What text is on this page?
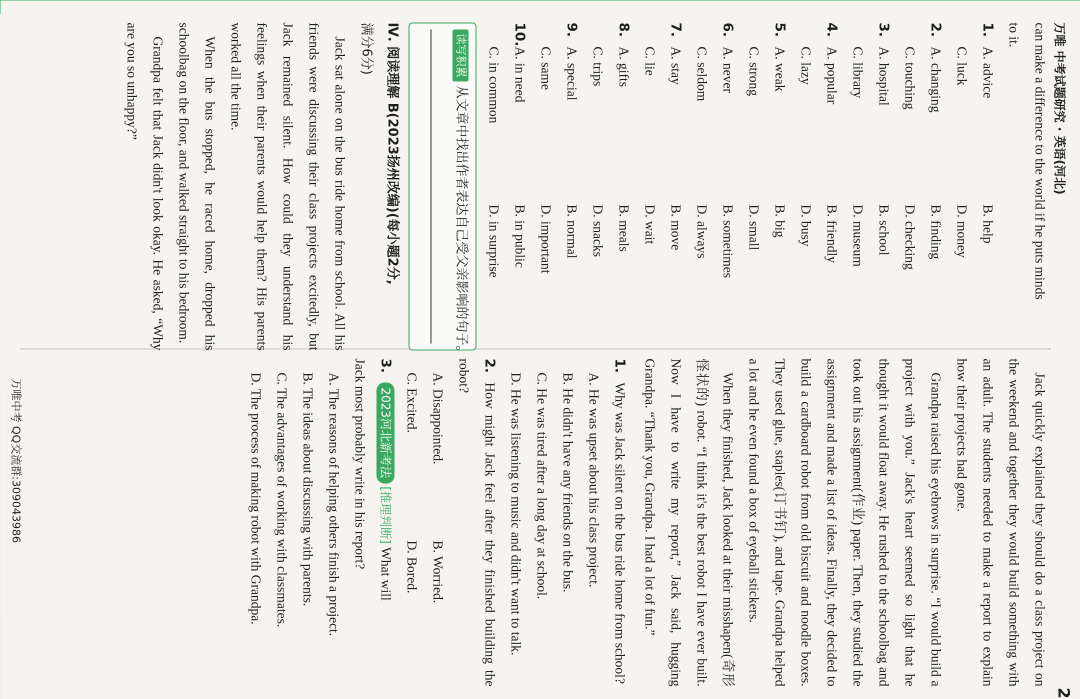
万唯 中考试题研究 · 英语(河北)
2
can make a difference to the world if he puts minds
to it.
1.
A. advice
B. help
C. luck
D. money
2.
A. changing
B. finding
C. touching
D. checking
3.
A. hospital
B. school
C. library
D. museum
4.
A. popular
B. friendly
C. lazy
D. busy
5.
A. weak
B. big
C. strong
D. small
6.
A. never
B. sometimes
C. seldom
D. always
7.
A. stay
B. move
C. lie
D. wait
8.
A. gifts
B. meals
C. trips
D. snacks
9.
A. special
B. normal
C. same
D. important
10.
A. in need
B. in public
C. in common
D. in surprise
读写积累从文章中找出作者表达自己受父亲影响的句子。
Ⅳ. 阅读理解 B(2023扬州改编)(每小题2分,
满分6分)
Jack sat alone on the bus ride home from school. All his friends were discussing their class projects excitedly, but Jack remained silent. How could they understand his feelings when their parents would help them? His parents worked all the time.
When the bus stopped, he raced home, dropped his schoolbag on the floor, and walked straight to his bedroom.
Grandpa felt that Jack didn't look okay. He asked, “Why are you so unhappy?”
Jack quickly explained they should do a class project on the weekend and together they would build something with an adult. The students needed to make a report to explain how their projects had gone.
Grandpa raised his eyebrows in surprise. “I would build a project with you.” Jack's heart seemed so light that he thought it would float away. He rushed to the schoolbag and took out his assignment(作业) paper. Then, they studied the assignment and made a list of ideas. Finally, they decided to build a cardboard robot from old biscuit and noodle boxes. They used glue, staples(订书钉), and tape. Grandpa helped a lot and he even found a box of eyeball stickers.
When they finished, Jack looked at their misshapen(奇形怪状的) robot. “I think it's the best robot I have ever built. Now I have to write my report,” Jack said, hugging Grandpa. “Thank you, Grandpa. I had a lot of fun.”
1.Why was Jack silent on the bus ride home from school?
A. He was upset about his class project.
B. He didn't have any friends on the bus.
C. He was tired after a long day at school.
D. He was listening to music and didn't want to talk.
2.How might Jack feel after they finished building the robot?
A. Disappointed.
B. Worried.
C. Excited.
D. Bored.
3.2023河北新考法 [推理判断] What will
Jack most probably write in his report?
A. The reasons of helping others finish a project.
B. The ideas about discussing with parents.
C. The advantages of working with classmates.
D. The process of making robot with Grandpa.
万唯中考 QQ交流群:309043986
